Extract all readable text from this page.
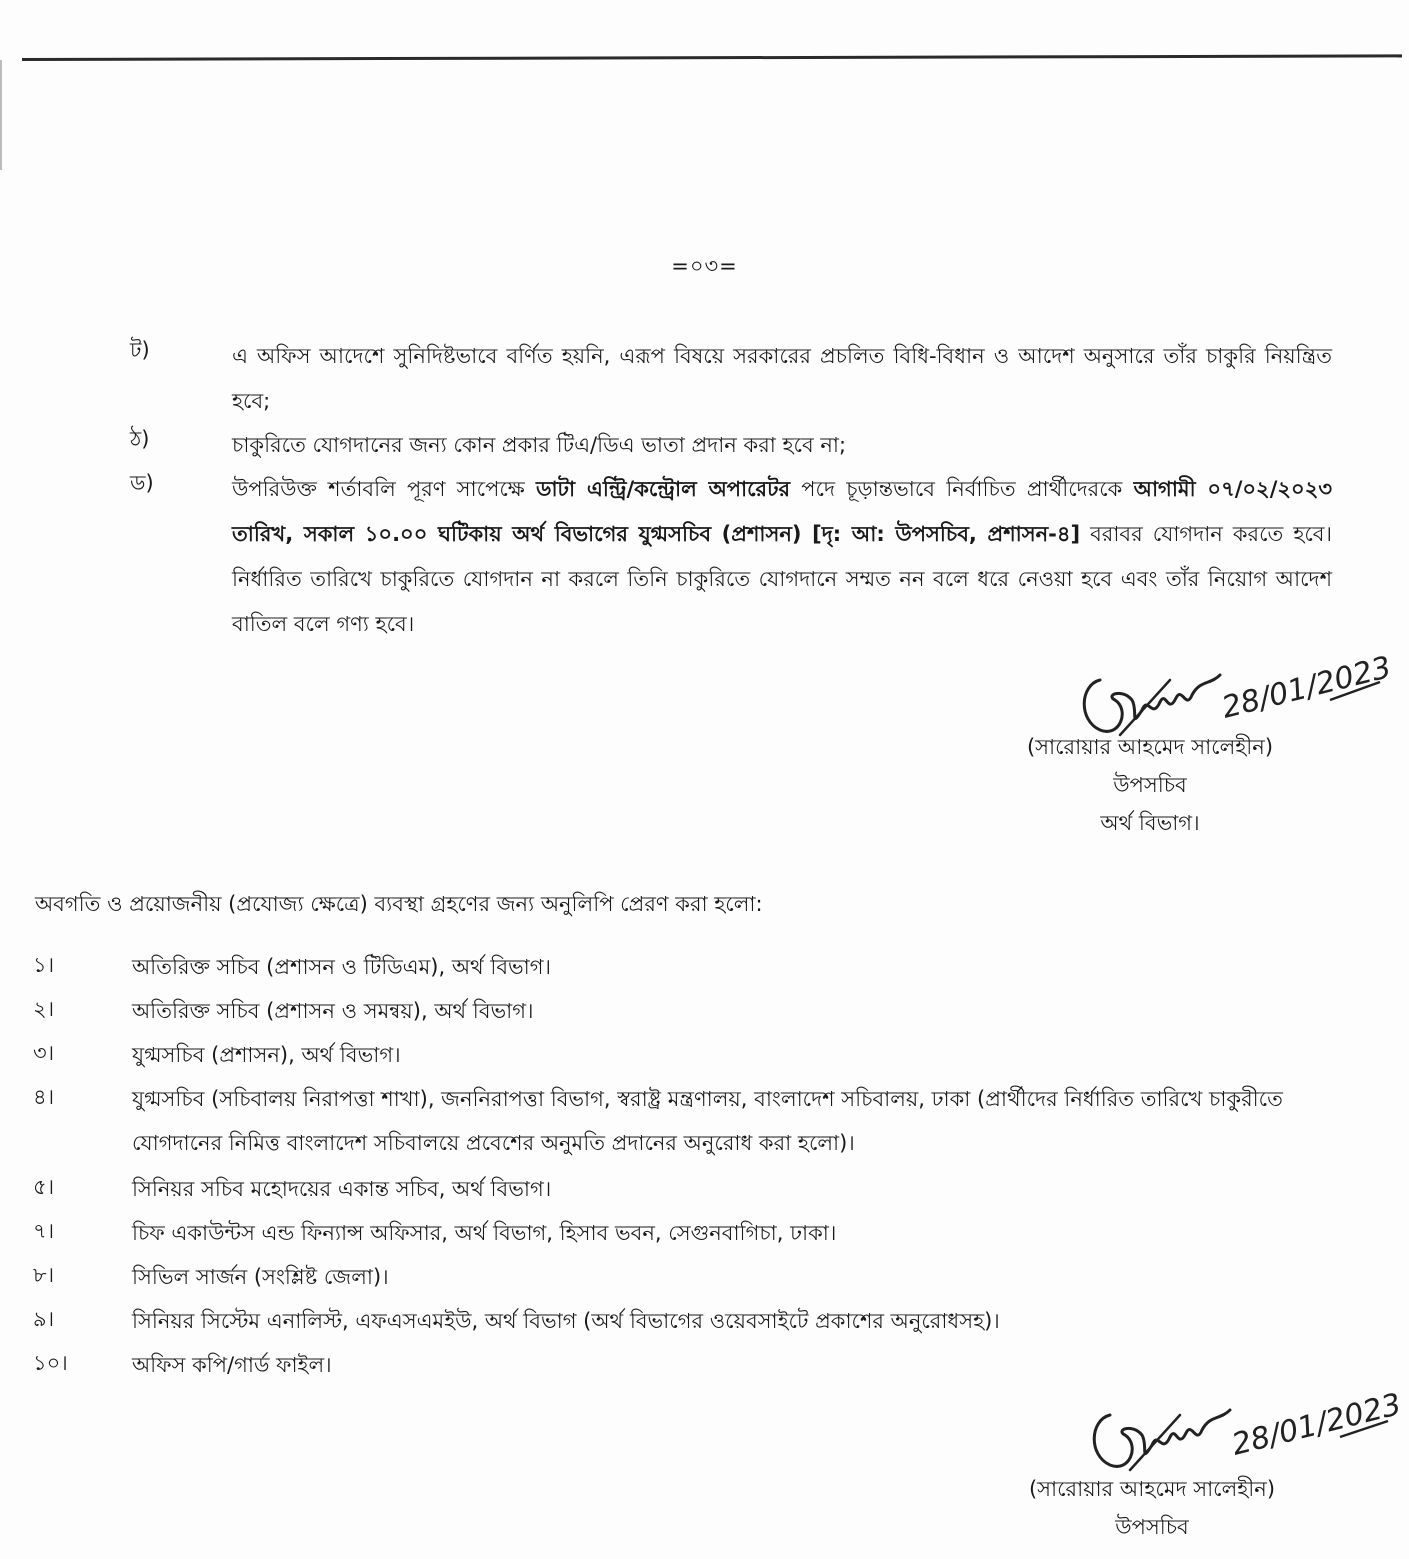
=০৩=
ট)	এ অফিস আদেশে সুনিদিষ্টভাবে বর্ণিত হয়নি, এরূপ বিষয়ে সরকারের প্রচলিত বিধি-বিধান ও আদেশ অনুসারে তাঁর চাকুরি নিয়ন্ত্রিত হবে;
ঠ)	চাকুরিতে যোগদানের জন্য কোন প্রকার টিএ/ডিএ ভাতা প্রদান করা হবে না;
ড)	উপরিউক্ত শর্তাবলি পূরণ সাপেক্ষে ডাটা এন্ট্রি/কন্ট্রোল অপারেটর পদে চূড়ান্তভাবে নির্বাচিত প্রার্থীদেরকে আগামী ০৭/০২/২০২৩ তারিখ, সকাল ১০.০০ ঘটিকায় অর্থ বিভাগের যুগ্মসচিব (প্রশাসন) [দৃ: আ: উপসচিব, প্রশাসন-৪] বরাবর যোগদান করতে হবে। নির্ধারিত তারিখে চাকুরিতে যোগদান না করলে তিনি চাকুরিতে যোগদানে সম্মত নন বলে ধরে নেওয়া হবে এবং তাঁর নিয়োগ আদেশ বাতিল বলে গণ্য হবে।
28/01/2023
(সারোয়ার আহমেদ সালেহীন)
উপসচিব
অর্থ বিভাগ।
অবগতি ও প্রয়োজনীয় (প্রযোজ্য ক্ষেত্রে) ব্যবস্থা গ্রহণের জন্য অনুলিপি প্রেরণ করা হলো:
১।	অতিরিক্ত সচিব (প্রশাসন ও টিডিএম), অর্থ বিভাগ।
২।	অতিরিক্ত সচিব (প্রশাসন ও সমন্বয়), অর্থ বিভাগ।
৩।	যুগ্মসচিব (প্রশাসন), অর্থ বিভাগ।
৪।	যুগ্মসচিব (সচিবালয় নিরাপত্তা শাখা), জননিরাপত্তা বিভাগ, স্বরাষ্ট্র মন্ত্রণালয়, বাংলাদেশ সচিবালয়, ঢাকা (প্রার্থীদের নির্ধারিত তারিখে চাকুরীতে যোগদানের নিমিত্ত বাংলাদেশ সচিবালয়ে প্রবেশের অনুমতি প্রদানের অনুরোধ করা হলো)।
৫।	সিনিয়র সচিব মহোদয়ের একান্ত সচিব, অর্থ বিভাগ।
৭।	চিফ একাউন্টস এন্ড ফিন্যান্স অফিসার, অর্থ বিভাগ, হিসাব ভবন, সেগুনবাগিচা, ঢাকা।
৮।	সিভিল সার্জন (সংশ্লিষ্ট জেলা)।
৯।	সিনিয়র সিস্টেম এনালিস্ট, এফএসএমইউ, অর্থ বিভাগ (অর্থ বিভাগের ওয়েবসাইটে প্রকাশের অনুরোধসহ)।
১০।	অফিস কপি/গার্ড ফাইল।
28/01/2023
(সারোয়ার আহমেদ সালেহীন)
উপসচিব
